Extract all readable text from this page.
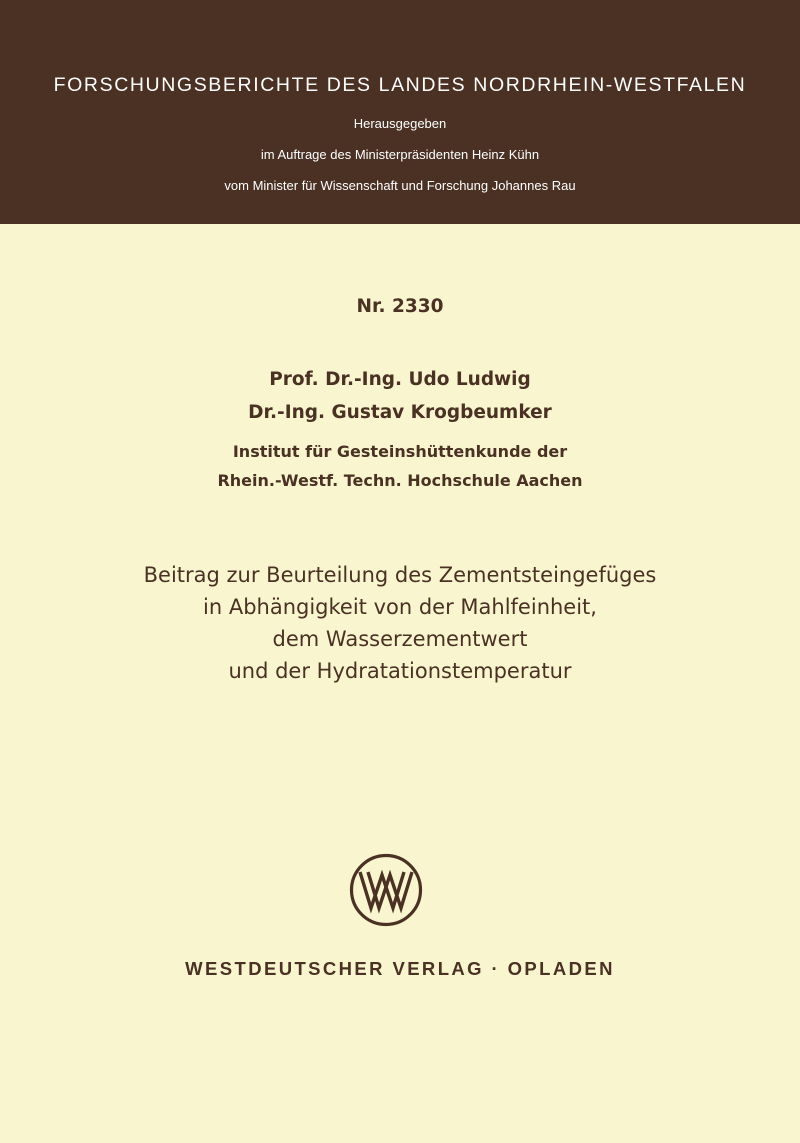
FORSCHUNGSBERICHTE DES LANDES NORDRHEIN-WESTFALEN
Herausgegeben
im Auftrage des Ministerpräsidenten Heinz Kühn
vom Minister für Wissenschaft und Forschung Johannes Rau
Nr. 2330
Prof. Dr.-Ing. Udo Ludwig
Dr.-Ing. Gustav Krogbeumker
Institut für Gesteinshüttenkunde der
Rhein.-Westf. Techn. Hochschule Aachen
Beitrag zur Beurteilung des Zementsteingefüges
in Abhängigkeit von der Mahlfeinheit,
dem Wasserzementwert
und der Hydratationstemperatur
WESTDEUTSCHER VERLAG · OPLADEN
